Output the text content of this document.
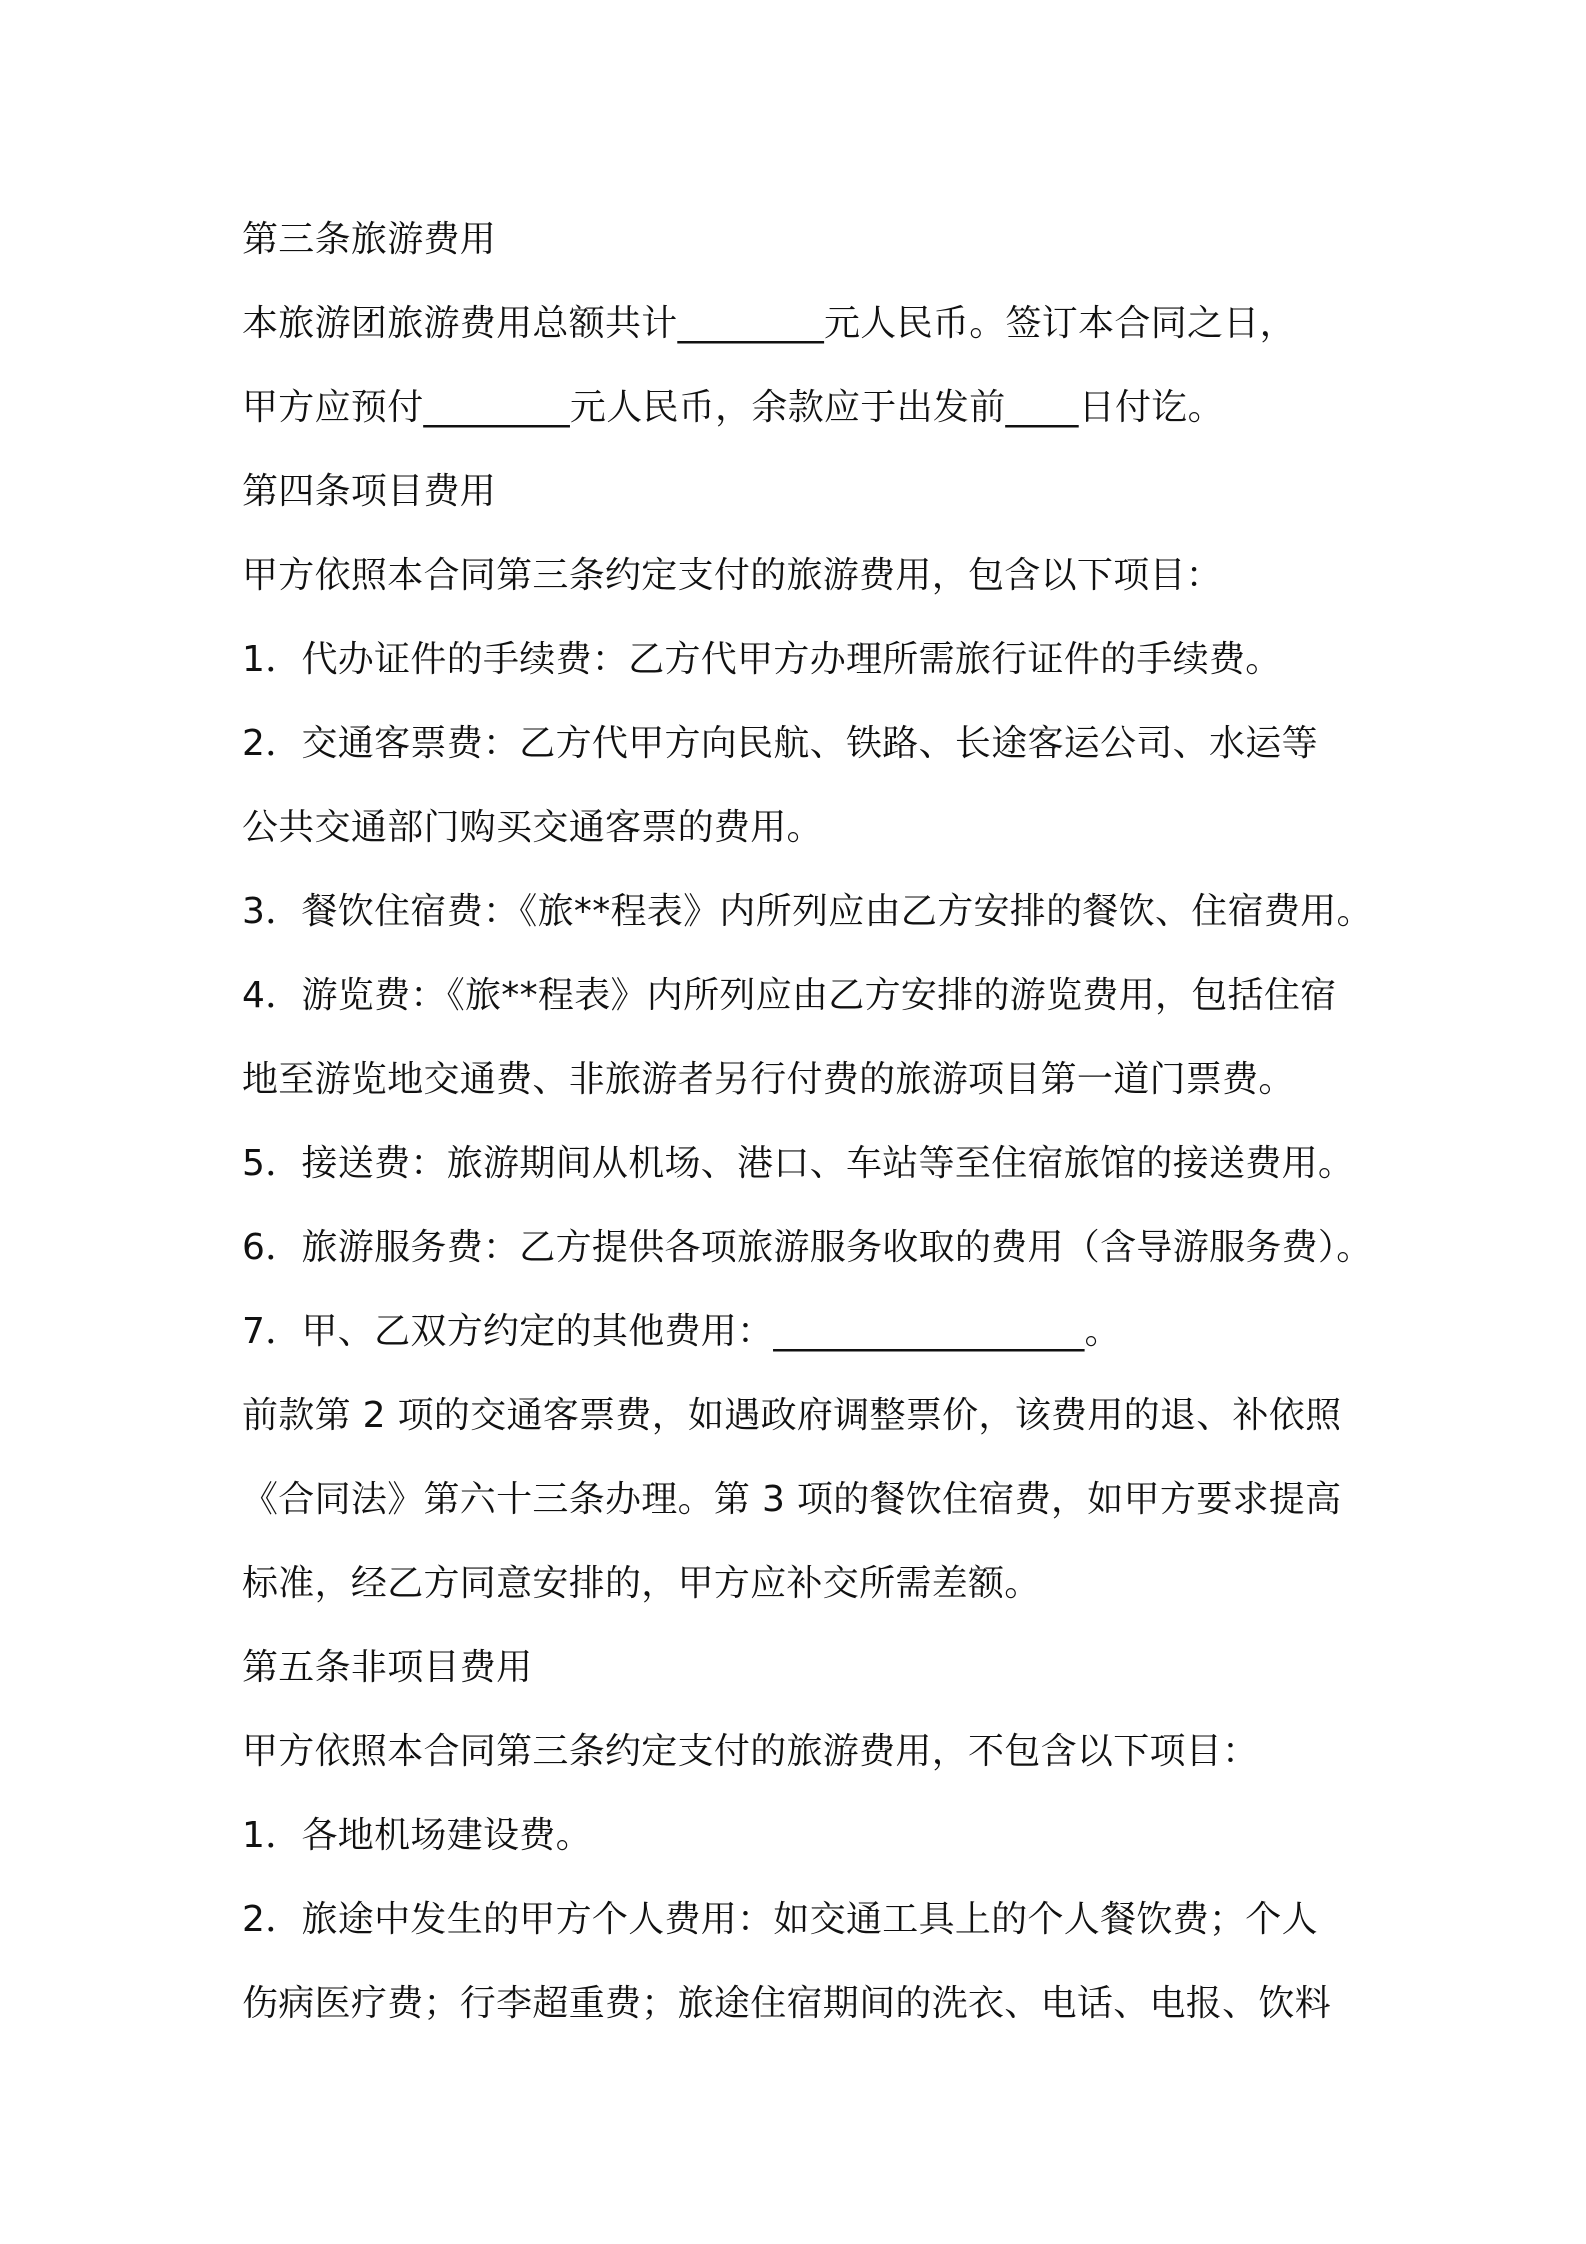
第三条旅游费用
本旅游团旅游费用总额共计________元人民币。签订本合同之日，
甲方应预付________元人民币，余款应于出发前____日付讫。
第四条项目费用
甲方依照本合同第三条约定支付的旅游费用，包含以下项目：
1．代办证件的手续费：乙方代甲方办理所需旅行证件的手续费。
2．交通客票费：乙方代甲方向民航、铁路、长途客运公司、水运等
公共交通部门购买交通客票的费用。
3．餐饮住宿费：《旅**程表》内所列应由乙方安排的餐饮、住宿费用。
4．游览费：《旅**程表》内所列应由乙方安排的游览费用，包括住宿
地至游览地交通费、非旅游者另行付费的旅游项目第一道门票费。
5．接送费：旅游期间从机场、港口、车站等至住宿旅馆的接送费用。
6．旅游服务费：乙方提供各项旅游服务收取的费用（含导游服务费）。
7．甲、乙双方约定的其他费用：_________________。
前款第 2 项的交通客票费，如遇政府调整票价，该费用的退、补依照
《合同法》第六十三条办理。第 3 项的餐饮住宿费，如甲方要求提高
标准，经乙方同意安排的，甲方应补交所需差额。
第五条非项目费用
甲方依照本合同第三条约定支付的旅游费用，不包含以下项目：
1．各地机场建设费。
2．旅途中发生的甲方个人费用：如交通工具上的个人餐饮费；个人
伤病医疗费；行李超重费；旅途住宿期间的洗衣、电话、电报、饮料
